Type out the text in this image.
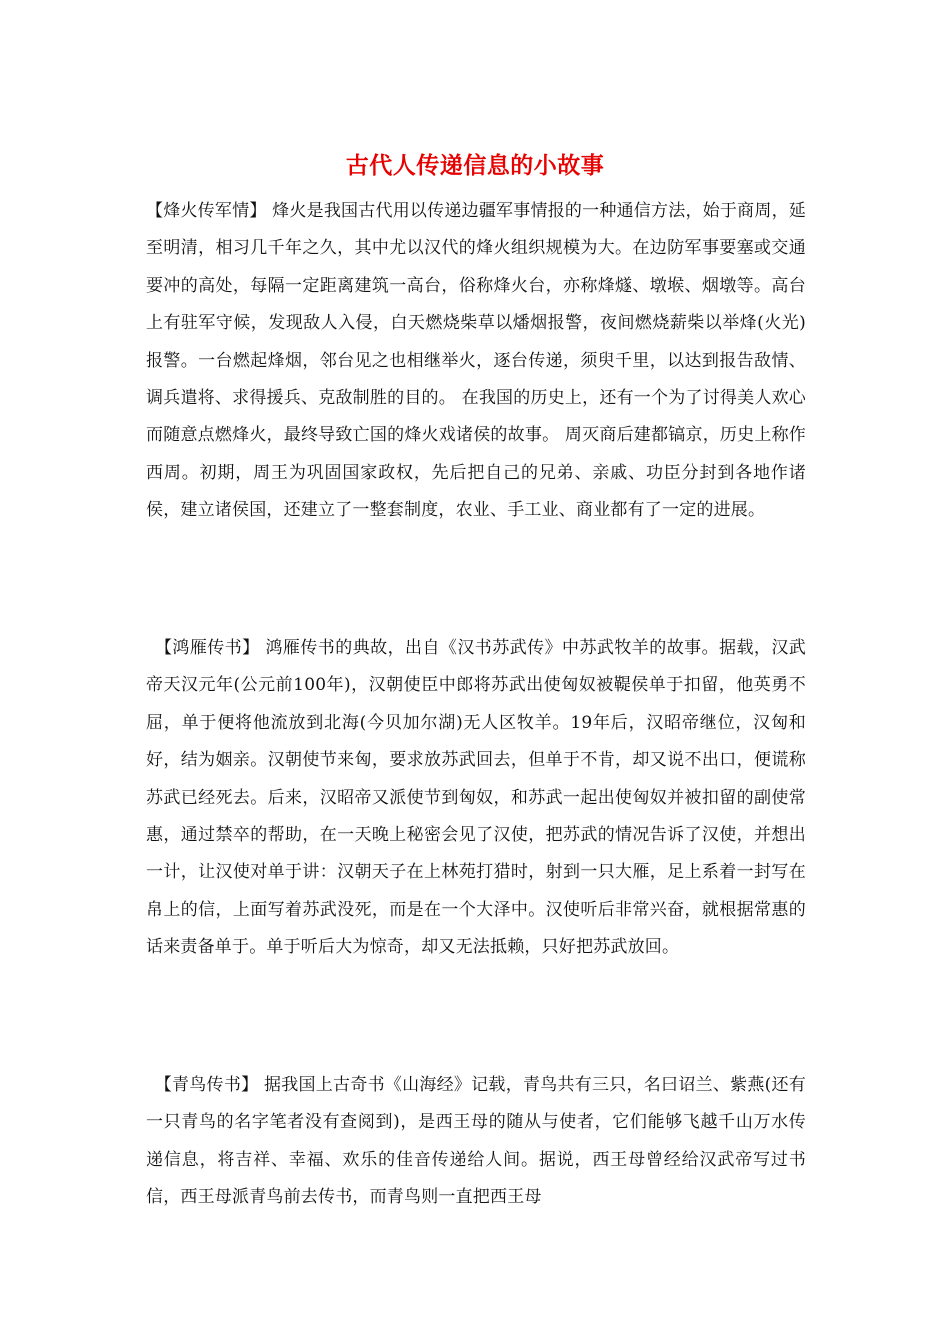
古代人传递信息的小故事

【烽火传军情】 烽火是我国古代用以传递边疆军事情报的一种通信方法，始于商周，延至明清，相习几千年之久，其中尤以汉代的烽火组织规模为大。在边防军事要塞或交通要冲的高处，每隔一定距离建筑一高台，俗称烽火台，亦称烽燧、墩堠、烟墩等。高台上有驻军守候，发现敌人入侵，白天燃烧柴草以燔烟报警，夜间燃烧薪柴以举烽(火光)报警。一台燃起烽烟，邻台见之也相继举火，逐台传递，须臾千里，以达到报告敌情、调兵遣将、求得援兵、克敌制胜的目的。 在我国的历史上，还有一个为了讨得美人欢心而随意点燃烽火，最终导致亡国的烽火戏诸侯的故事。 周灭商后建都镐京，历史上称作西周。初期，周王为巩固国家政权，先后把自己的兄弟、亲戚、功臣分封到各地作诸侯，建立诸侯国，还建立了一整套制度，农业、手工业、商业都有了一定的进展。

　【鸿雁传书】 鸿雁传书的典故，出自《汉书苏武传》中苏武牧羊的故事。据载，汉武帝天汉元年(公元前100年)，汉朝使臣中郎将苏武出使匈奴被鞮侯单于扣留，他英勇不屈，单于便将他流放到北海(今贝加尔湖)无人区牧羊。19年后，汉昭帝继位，汉匈和好，结为姻亲。汉朝使节来匈，要求放苏武回去，但单于不肯，却又说不出口，便谎称苏武已经死去。后来，汉昭帝又派使节到匈奴，和苏武一起出使匈奴并被扣留的副使常惠，通过禁卒的帮助，在一天晚上秘密会见了汉使，把苏武的情况告诉了汉使，并想出一计，让汉使对单于讲：汉朝天子在上林苑打猎时，射到一只大雁，足上系着一封写在帛上的信，上面写着苏武没死，而是在一个大泽中。汉使听后非常兴奋，就根据常惠的话来责备单于。单于听后大为惊奇，却又无法抵赖，只好把苏武放回。

　【青鸟传书】 据我国上古奇书《山海经》记载，青鸟共有三只，名曰诏兰、紫燕(还有一只青鸟的名字笔者没有查阅到)，是西王母的随从与使者，它们能够飞越千山万水传递信息，将吉祥、幸福、欢乐的佳音传递给人间。据说，西王母曾经给汉武帝写过书信，西王母派青鸟前去传书，而青鸟则一直把西王母
